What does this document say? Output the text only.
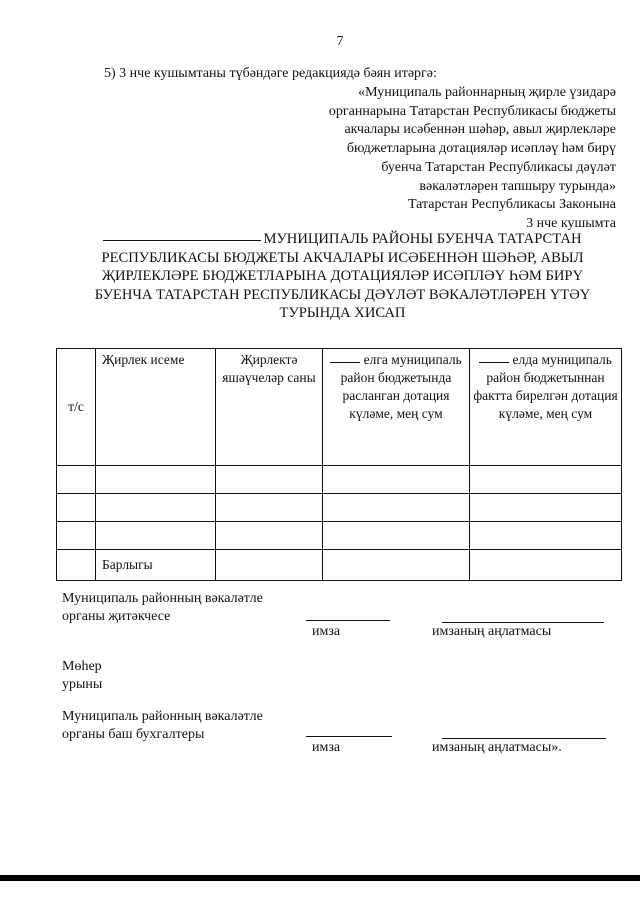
7
5) 3 нче кушымтаны түбәндәге редакциядә бәян итәргә:
«Муниципаль районнарның җирле үзидарә
органнарына Татарстан Республикасы бюджеты
акчалары исәбеннән шәһәр, авыл җирлекләре
бюджетларына дотацияләр исәпләү һәм бирү
буенча Татарстан Республикасы дәүләт
вәкаләтләрен тапшыру турында»
Татарстан Республикасы Законына
3 нче кушымта
МУНИЦИПАЛЬ РАЙОНЫ БУЕНЧА ТАТАРСТАН
РЕСПУБЛИКАСЫ БЮДЖЕТЫ АКЧАЛАРЫ ИСӘБЕННӘН ШӘҺӘР, АВЫЛ
ҖИРЛЕКЛӘРЕ БЮДЖЕТЛАРЫНА ДОТАЦИЯЛӘР ИСӘПЛӘҮ ҺӘМ БИРҮ
БУЕНЧА ТАТАРСТАН РЕСПУБЛИКАСЫ ДӘҮЛӘТ ВӘКАЛӘТЛӘРЕН ҮТӘҮ
ТУРЫНДА ХИСАП
т/с	Җирлек исеме	Җирлектә яшәүчеләр саны	елга муниципаль район бюджетында расланган дотация күләме, мең сум	елда муниципаль район бюджетыннан фактта бирелгән дотация күләме, мең сум

	Барлыгы			
Муниципаль районның вәкаләтле
органы җитәкчесе
имза	имзаның аңлатмасы
Мөһер
урыны
Муниципаль районның вәкаләтле
органы баш бухгалтеры
имза	имзаның аңлатмасы».
